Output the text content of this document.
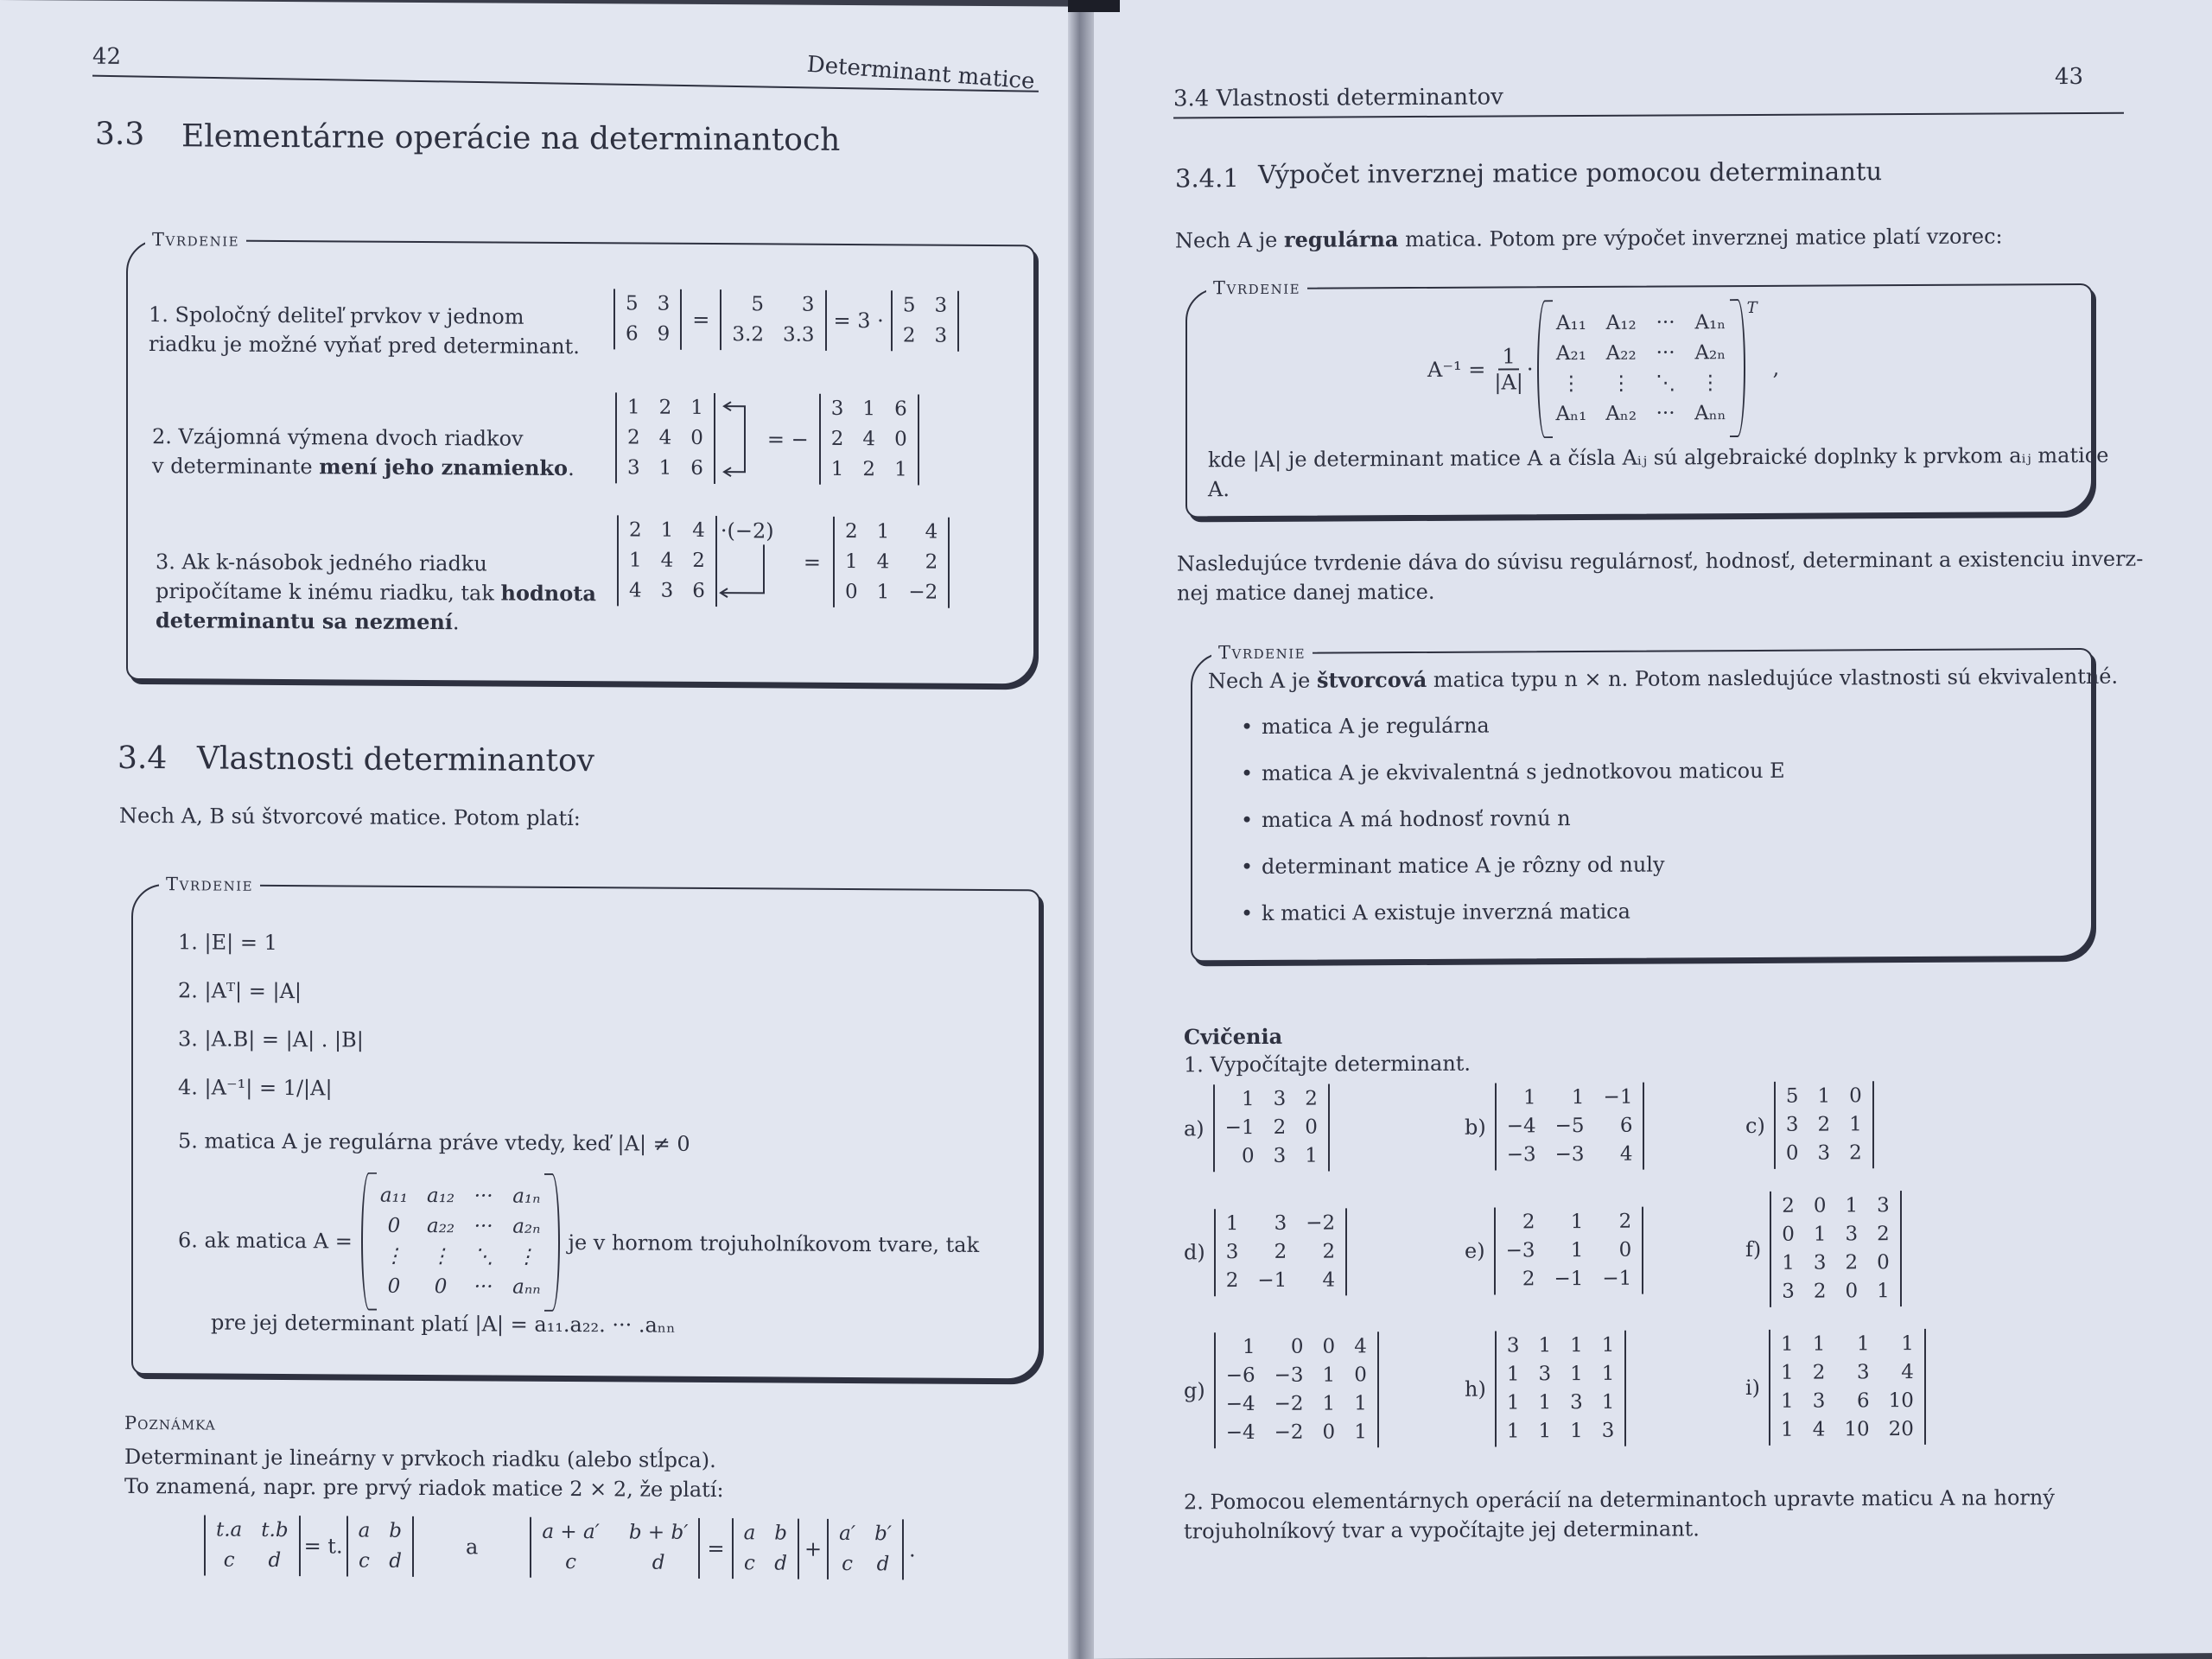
42	Determinant matice
3.3 Elementárne operácie na determinantoch
Tvrdenie
1. Spoločný deliteľ prvkov v jednom
riadku je možné vyňať pred determinant.
5 3
6 9
=
5	3
3.2 3.3
= 3 ·
5 3
2 3
2. Vzájomná výmena dvoch riadkov
v determinante mení jeho znamienko.
1 2 1
2 4 0
3 1 6
= −
3 1 6
2 4 0
1 2 1
3. Ak k-násobok jedného riadku
pripočítame k inému riadku, tak hodnota
determinantu sa nezmení.
2 1 4
1 4 2
4 3 6
·(−2)
=
2 1	4
1 4	2
0 1 −2
3.4 Vlastnosti determinantov
Nech A, B sú štvorcové matice. Potom platí:
Tvrdenie
1. |E| = 1
2. |Aᵀ| = |A|
3. |A.B| = |A| . |B|
4. |A⁻¹| = 1/|A|
5. matica A je regulárna práve vtedy, keď |A| ≠ 0
6. ak matica A =
a₁₁ a₁₂ ··· a₁ₙ
0	a₂₂ ··· a₂ₙ
⋮ ⋮ ⋱ ⋮
0	0	··· aₙₙ
je v hornom trojuholníkovom tvare, tak
pre jej determinant platí |A| = a₁₁.a₂₂. ··· .aₙₙ
Poznámka
Determinant je lineárny v prvkoch riadku (alebo stĺpca).
To znamená, napr. pre prvý riadok matice 2 × 2, že platí:
t.a t.b
c	d
= t.
a b
c d
a
a + a′ b + b′
c	d
=
a b
c d
+
a′ b′
c d
.
3.4 Vlastnosti determinantov
43
3.4.1 Výpočet inverznej matice pomocou determinantu
Nech A je regulárna matica. Potom pre výpočet inverznej matice platí vzorec:
Tvrdenie
$A^{-1} = \frac{1}{|A|}$ ·
A₁₁ A₁₂ ··· A₁ₙ
A₂₁ A₂₂ ··· A₂ₙ
⋮ ⋮ ⋱ ⋮
Aₙ₁ Aₙ₂ ··· Aₙₙ
T
,
kde |A| je determinant matice A a čísla Aᵢⱼ sú algebraické doplnky k prvkom aᵢⱼ matice
A.
Nasledujúce tvrdenie dáva do súvisu regulárnosť, hodnosť, determinant a existenciu inverz-
nej matice danej matice.
Tvrdenie
Nech A je štvorcová matica typu n × n. Potom nasledujúce vlastnosti sú ekvivalentné.
• matica A je regulárna
• matica A je ekvivalentná s jednotkovou maticou E
• matica A má hodnosť rovnú n
• determinant matice A je rôzny od nuly
• k matici A existuje inverzná matica
Cvičenia
1. Vypočítajte determinant.
a)
1 3 2
−1 2 0
0 3 1
b)
1	1 −1
−4 −5	6
−3 −3	4
c)
5 1 0
3 2 1
0 3 2
d)
1	3 −2
3	2	2
2 −1	4
e)
2	1	2
−3	1	0
2 −1 −1
f)
2 0 1 3
0 1 3 2
1 3 2 0
3 2 0 1
g)
1	0 0 4
−6 −3 1 0
−4 −2 1 1
−4 −2 0 1
h)
3 1 1 1
1 3 1 1
1 1 3 1
1 1 1 3
i)
1 1	1	1
1 2	3	4
1 3	6 10
1 4 10 20
2. Pomocou elementárnych operácií na determinantoch upravte maticu A na horný
trojuholníkový tvar a vypočítajte jej determinant.
